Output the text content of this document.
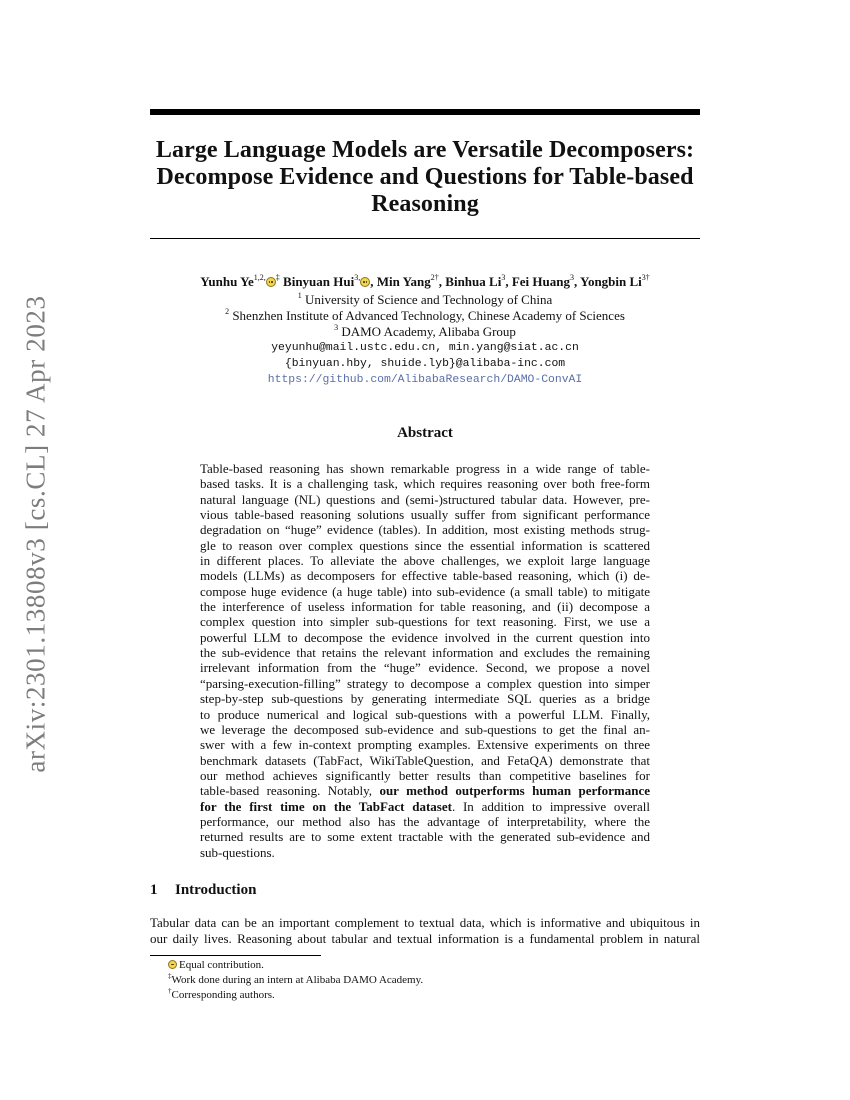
arXiv:2301.13808v3 [cs.CL] 27 Apr 2023
Large Language Models are Versatile Decomposers:
Decompose Evidence and Questions for Table-based
Reasoning
Yunhu $Ye^{1,2,}$ ‡ Binyuan Hui$^{3,}$ , Min Yang$^{2\dagger}$, Binhua Li$^3$, Fei Huang$^3$, Yongbin $Li^{3\dagger}$
$^1$ University of Science and Technology of China
$^2$ Shenzhen Institute of Advanced Technology, Chinese Academy of Sciences
$^3$ DAMO Academy, Alibaba Group
yeyunhu@mail.ustc.edu.cn, min.yang@siat.ac.cn
{binyuan.hby, shuide.lyb}@alibaba-inc.com
https://github.com/AlibabaResearch/DAMO-ConvAI
Abstract
Table-based reasoning has shown remarkable progress in a wide range of table-
based tasks. It is a challenging task, which requires reasoning over both free-form
natural language (NL) questions and (semi-)structured tabular data. However, pre-
vious table-based reasoning solutions usually suffer from significant performance
degradation on “huge” evidence (tables). In addition, most existing methods strug-
gle to reason over complex questions since the essential information is scattered
in different places. To alleviate the above challenges, we exploit large language
models (LLMs) as decomposers for effective table-based reasoning, which (i) de-
compose huge evidence (a huge table) into sub-evidence (a small table) to mitigate
the interference of useless information for table reasoning, and (ii) decompose a
complex question into simpler sub-questions for text reasoning. First, we use a
powerful LLM to decompose the evidence involved in the current question into
the sub-evidence that retains the relevant information and excludes the remaining
irrelevant information from the “huge” evidence. Second, we propose a novel
“parsing-execution-filling” strategy to decompose a complex question into simper
step-by-step sub-questions by generating intermediate SQL queries as a bridge
to produce numerical and logical sub-questions with a powerful LLM. Finally,
we leverage the decomposed sub-evidence and sub-questions to get the final an-
swer with a few in-context prompting examples. Extensive experiments on three
benchmark datasets (TabFact, WikiTableQuestion, and FetaQA) demonstrate that
our method achieves significantly better results than competitive baselines for
table-based reasoning. Notably, our method outperforms human performance
for the first time on the TabFact dataset. In addition to impressive overall
performance, our method also has the advantage of interpretability, where the
returned results are to some extent tractable with the generated sub-evidence and
sub-questions.
1 Introduction
Tabular data can be an important complement to textual data, which is informative and ubiquitous in
our daily lives. Reasoning about tabular and textual information is a fundamental problem in natural
Equal contribution.
‡Work done during an intern at Alibaba DAMO Academy.
†Corresponding authors.
